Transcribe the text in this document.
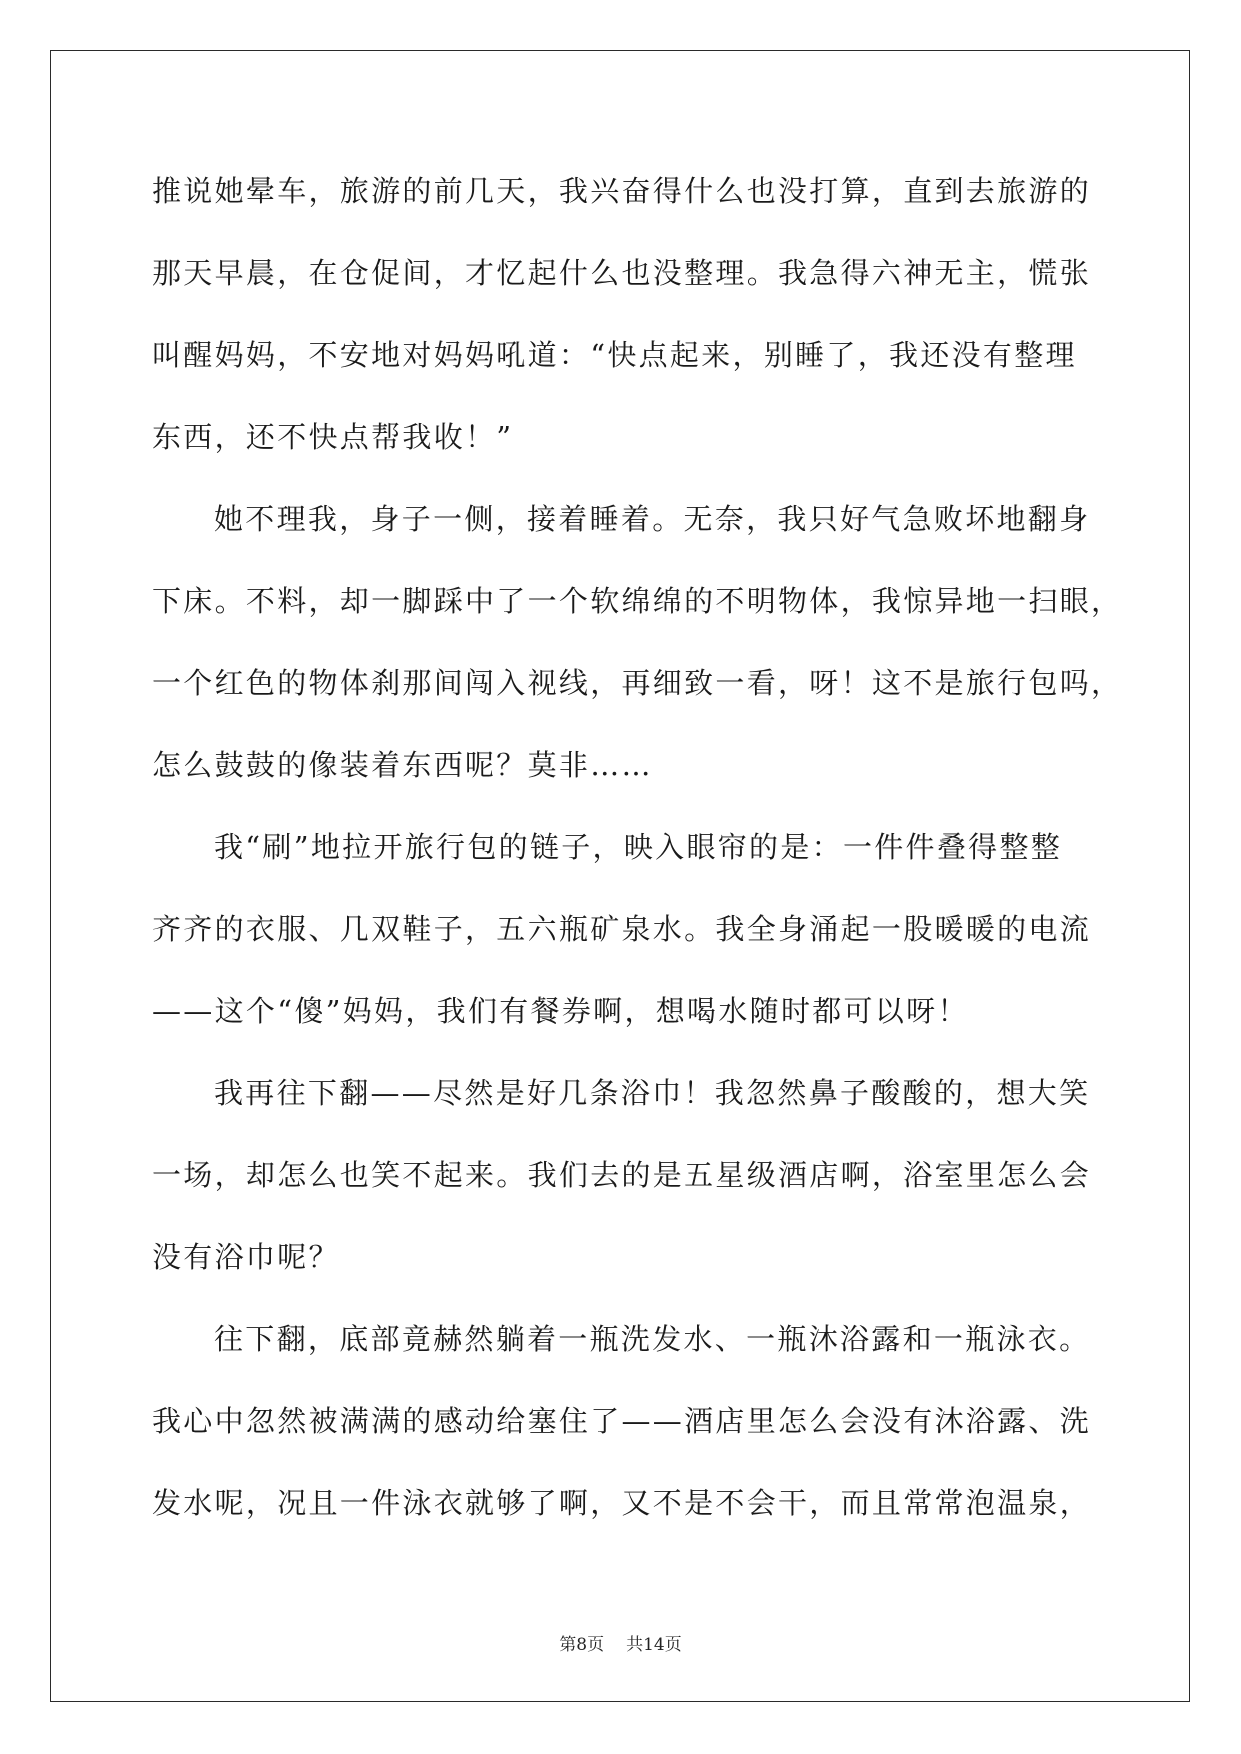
推说她晕车，旅游的前几天，我兴奋得什么也没打算，直到去旅游的
那天早晨，在仓促间，才忆起什么也没整理。我急得六神无主，慌张
叫醒妈妈，不安地对妈妈吼道：“快点起来，别睡了，我还没有整理
东西，还不快点帮我收！”
她不理我，身子一侧，接着睡着。无奈，我只好气急败坏地翻身
下床。不料，却一脚踩中了一个软绵绵的不明物体，我惊异地一扫眼，
一个红色的物体刹那间闯入视线，再细致一看，呀！这不是旅行包吗，
怎么鼓鼓的像装着东西呢？莫非……
我“刷”地拉开旅行包的链子，映入眼帘的是：一件件叠得整整
齐齐的衣服、几双鞋子，五六瓶矿泉水。我全身涌起一股暖暖的电流
——这个“傻”妈妈，我们有餐券啊，想喝水随时都可以呀！
我再往下翻——尽然是好几条浴巾！我忽然鼻子酸酸的，想大笑
一场，却怎么也笑不起来。我们去的是五星级酒店啊，浴室里怎么会
没有浴巾呢？
往下翻，底部竟赫然躺着一瓶洗发水、一瓶沐浴露和一瓶泳衣。
我心中忽然被满满的感动给塞住了——酒店里怎么会没有沐浴露、洗
发水呢，况且一件泳衣就够了啊，又不是不会干，而且常常泡温泉，
第8页 共14页
